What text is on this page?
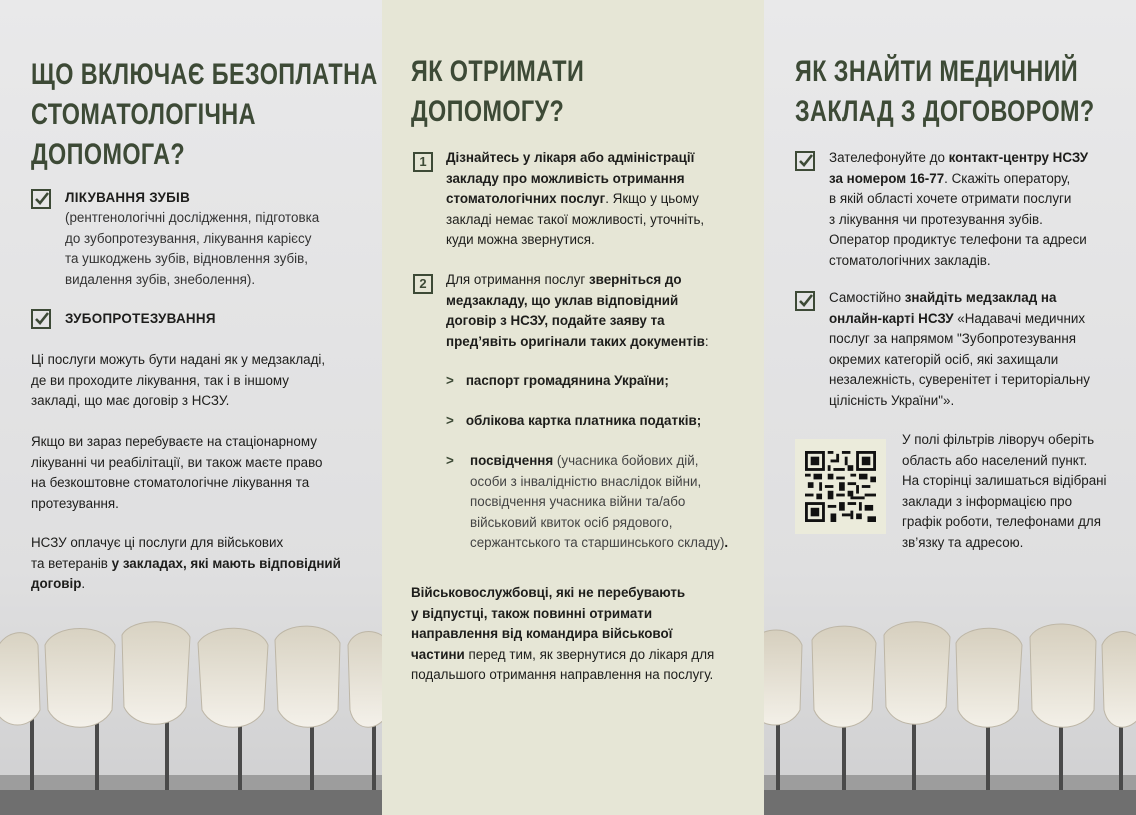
ЩО ВКЛЮЧАЄ БЕЗОПЛАТНА
СТОМАТОЛОГІЧНА
ДОПОМОГА?
ЛІКУВАННЯ ЗУБІВ
(рентгенологічні дослідження, підготовка
до зубопротезування, лікування карієсу
та ушкоджень зубів, відновлення зубів,
видалення зубів, знеболення).
ЗУБОПРОТЕЗУВАННЯ
Ці послуги можуть бути надані як у медзакладі,
де ви проходите лікування, так і в іншому
закладі, що має договір з НСЗУ.
Якщо ви зараз перебуваєте на стаціонарному
лікуванні чи реабілітації, ви також маєте право
на безкоштовне стоматологічне лікування та
протезування.
НСЗУ оплачує ці послуги для військових
та ветеранів у закладах, які мають відповідний
договір.
ЯК ОТРИМАТИ
ДОПОМОГУ?
1	Дізнайтесь у лікаря або адміністрації
закладу про можливість отримання
стоматологічних послуг. Якщо у цьому
закладі немає такої можливості, уточніть,
куди можна звернутися.
2	Для отримання послуг зверніться до
медзакладу, що уклав відповідний
договір з НСЗУ, подайте заяву та
пред’явіть оригінали таких документів:
> паспорт громадянина України;
> облікова картка платника податків;
>	посвідчення (учасника бойових дій,
особи з інвалідністю внаслідок війни,
посвідчення учасника війни та/або
військовий квиток осіб рядового,
сержантського та старшинського складу).
Військовослужбовці, які не перебувають
у відпустці, також повинні отримати
направлення від командира військової
частини перед тим, як звернутися до лікаря для
подальшого отримання направлення на послугу.
ЯК ЗНАЙТИ МЕДИЧНИЙ
ЗАКЛАД З ДОГОВОРОМ?
Зателефонуйте до контакт-центру НСЗУ
за номером 16-77. Скажіть оператору,
в якій області хочете отримати послуги
з лікування чи протезування зубів.
Оператор продиктує телефони та адреси
стоматологічних закладів.
Самостійно знайдіть медзаклад на
онлайн-карті НСЗУ «Надавачі медичних
послуг за напрямом "Зубопротезування
окремих категорій осіб, які захищали
незалежність, суверенітет і територіальну
цілісність України"».
У полі фільтрів ліворуч оберіть
область або населений пункт.
На сторінці залишаться відібрані
заклади з інформацією про
графік роботи, телефонами для
зв’язку та адресою.
